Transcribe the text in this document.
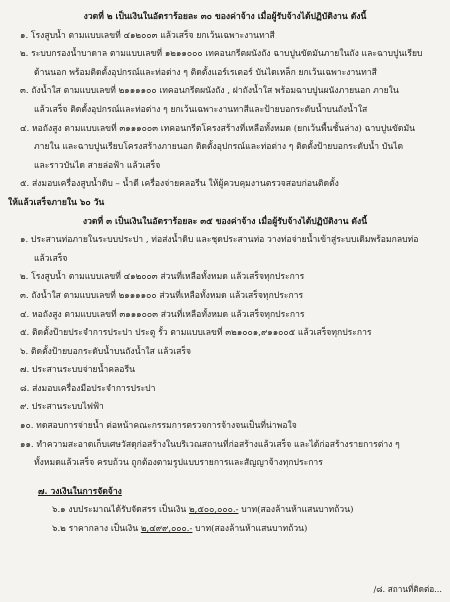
งวดที่ ๒ เป็นเงินในอัตราร้อยละ ๓๐ ของค่าจ้าง เมื่อผู้รับจ้างได้ปฏิบัติงาน ดังนี้
๑. โรงสูบน้ำ ตามแบบเลขที่ ๔๑๒๐๐๓ แล้วเสร็จ ยกเว้นเฉพาะงานทาสี
๒. ระบบกรองน้ำบาดาล ตามแบบเลขที่ ๑๒๑๑๐๐๐ เทคอนกรีตผนังถัง ฉาบปูนขัดมันภายในถัง และฉาบปูนเรียบ
ด้านนอก พร้อมติดตั้งอุปกรณ์และท่อต่าง ๆ ติดตั้งแอร์เรเตอร์ บันไดเหล็ก ยกเว้นเฉพาะงานทาสี
๓. ถังน้ำใส ตามแบบเลขที่ ๒๑๑๑๑๐๐ เทคอนกรีตผนังถัง , ฝาถังน้ำใส พร้อมฉาบปูนผนังภายนอก ภายใน
แล้วเสร็จ ติดตั้งอุปกรณ์และท่อต่าง ๆ ยกเว้นเฉพาะงานทาสีและป้ายบอกระดับน้ำบนถังน้ำใส
๔. หอถังสูง ตามแบบเลขที่ ๓๑๑๑๐๐๓ เทคอนกรีตโครงสร้างที่เหลือทั้งหมด (ยกเว้นพื้นชั้นล่าง) ฉาบปูนขัดมัน
ภายใน และฉาบปูนเรียบโครงสร้างภายนอก ติดตั้งอุปกรณ์และท่อต่าง ๆ ติดตั้งป้ายบอกระดับน้ำ บันได
และราวบันได สายล่อฟ้า แล้วเสร็จ
๕. ส่งมอบเครื่องสูบน้ำดิบ – น้ำดี เครื่องจ่ายคลอรีน ให้ผู้ควบคุมงานตรวจสอบก่อนติดตั้ง
ให้แล้วเสร็จภายใน ๖๐ วัน
งวดที่ ๓ เป็นเงินในอัตราร้อยละ ๓๕ ของค่าจ้าง เมื่อผู้รับจ้างได้ปฏิบัติงาน ดังนี้
๑. ประสานท่อภายในระบบประปา , ท่อส่งน้ำดิบ และชุดประสานท่อ วางท่อจ่ายน้ำเข้าสู่ระบบเดิมพร้อมกลบท่อ
แล้วเสร็จ
๒. โรงสูบน้ำ ตามแบบเลขที่ ๔๑๒๐๐๓ ส่วนที่เหลือทั้งหมด แล้วเสร็จทุกประการ
๓. ถังน้ำใส ตามแบบเลขที่ ๒๑๑๑๑๐๐ ส่วนที่เหลือทั้งหมด แล้วเสร็จทุกประการ
๔. หอถังสูง ตามแบบเลขที่ ๓๑๑๑๐๐๓ ส่วนที่เหลือทั้งหมด แล้วเสร็จทุกประการ
๕. ติดตั้งป้ายประจำการประปา ประตู รั้ว ตามแบบเลขที่ ๓๒๑๐๐๑,๙๑๑๐๐๕ แล้วเสร็จทุกประการ
๖. ติดตั้งป้ายบอกระดับน้ำบนถังน้ำใส แล้วเสร็จ
๗. ประสานระบบจ่ายน้ำคลอรีน
๘. ส่งมอบเครื่องมือประจำการประปา
๙. ประสานระบบไฟฟ้า
๑๐. ทดสอบการจ่ายน้ำ ต่อหน้าคณะกรรมการตรวจการจ้างจนเป็นที่น่าพอใจ
๑๑. ทำความสะอาดเก็บเศษวัสดุก่อสร้างในบริเวณสถานที่ก่อสร้างแล้วเสร็จ และได้ก่อสร้างรายการต่าง ๆ
ทั้งหมดแล้วเสร็จ ครบถ้วน ถูกต้องตามรูปแบบรายการและสัญญาจ้างทุกประการ
๗. วงเงินในการจัดจ้าง
๖.๑ งบประมาณได้รับจัดสรร เป็นเงิน ๒,๕๐๐,๐๐๐.- บาท(สองล้านห้าแสนบาทถ้วน)
๖.๒ ราคากลาง เป็นเงิน ๒,๔๙๙,๐๐๐.- บาท(สองล้านห้าแสนบาทถ้วน)
/๘. สถานที่ติดต่อ...
